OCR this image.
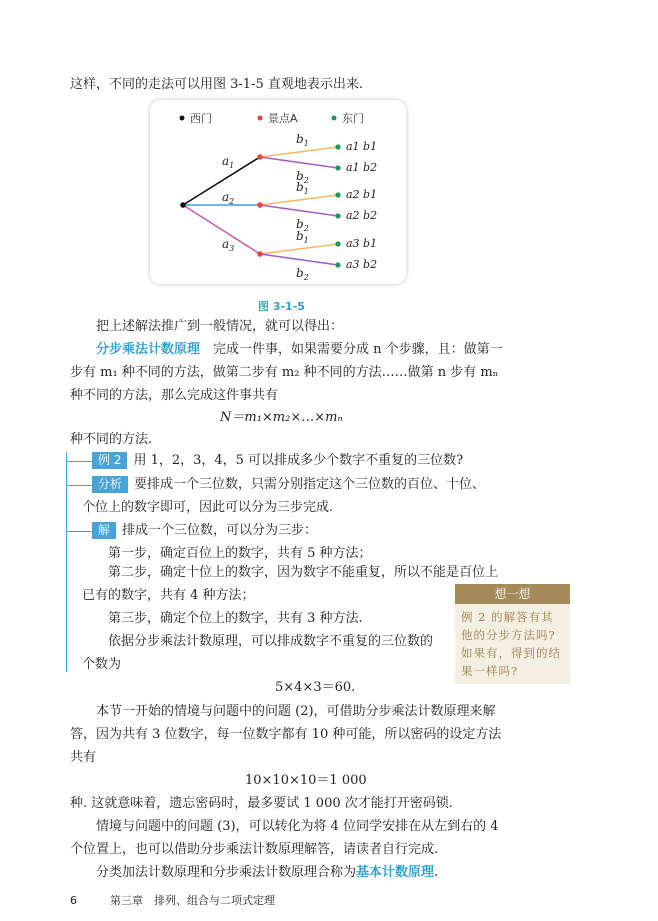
这样，不同的走法可以用图 3-1-5 直观地表示出来.
西门	景点A	东门
$a_1$
$b_1$
$b_2$
$a_2$
$b_1$
$b_2$
$a_3$
$b_1$
$b_2$
a1 b1
a1 b2
a2 b1
a2 b2
a3 b1
a3 b2
图 3-1-5
把上述解法推广到一般情况，就可以得出：
分步乘法计数原理　 完成一件事，如果需要分成 n 个步骤，且：做第一
步有 m₁ 种不同的方法，做第二步有 m₂ 种不同的方法……做第 n 步有 mₙ
种不同的方法，那么完成这件事共有
N＝m₁×m₂×…×mₙ
种不同的方法.
例 2 用 1，2，3，4，5 可以排成多少个数字不重复的三位数?
分析 要排成一个三位数，只需分别指定这个三位数的百位、十位、
个位上的数字即可，因此可以分为三步完成.
解 排成一个三位数，可以分为三步：
第一步，确定百位上的数字，共有 5 种方法；
第二步，确定十位上的数字，因为数字不能重复，所以不能是百位上
已有的数字，共有 4 种方法；
第三步，确定个位上的数字，共有 3 种方法.
依据分步乘法计数原理，可以排成数字不重复的三位数的
个数为
5×4×3＝60.
想一想
例 2 的解答有其他的分步方法吗? 如果有，得到的结果一样吗?
本节一开始的情境与问题中的问题 (2)，可借助分步乘法计数原理来解
答，因为共有 3 位数字，每一位数字都有 10 种可能，所以密码的设定方法
共有
10×10×10＝1 000
种. 这就意味着，遗忘密码时，最多要试 1 000 次才能打开密码锁.
情境与问题中的问题 (3)，可以转化为将 4 位同学安排在从左到右的 4
个位置上，也可以借助分步乘法计数原理解答，请读者自行完成.
分类加法计数原理和分步乘法计数原理合称为基本计数原理.
6　　　	第三章　排列、组合与二项式定理
